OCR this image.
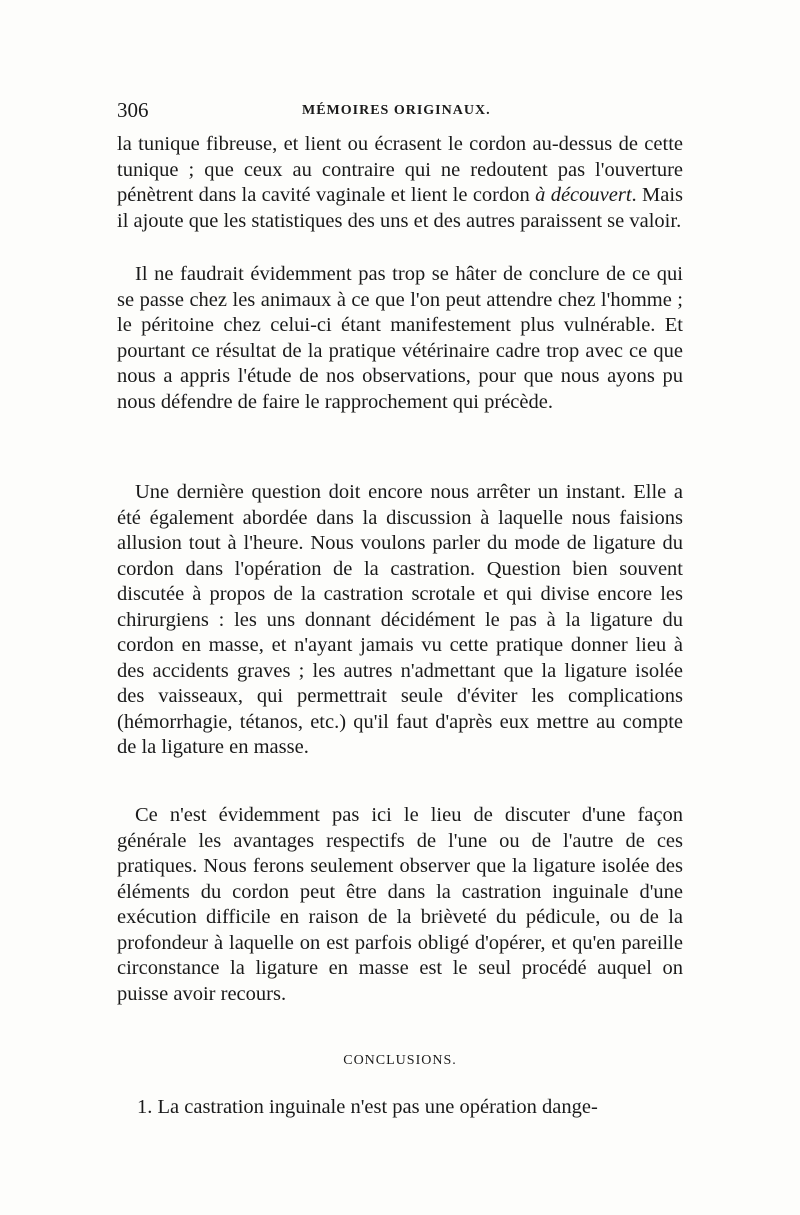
306	MÉMOIRES ORIGINAUX.

la tunique fibreuse, et lient ou écrasent le cordon au-dessus de cette tunique ; que ceux au contraire qui ne redoutent pas l'ouverture pénètrent dans la cavité vaginale et lient le cordon à découvert. Mais il ajoute que les statistiques des uns et des autres paraissent se valoir.

Il ne faudrait évidemment pas trop se hâter de conclure de ce qui se passe chez les animaux à ce que l'on peut attendre chez l'homme ; le péritoine chez celui-ci étant manifestement plus vulnérable. Et pourtant ce résultat de la pratique vétérinaire cadre trop avec ce que nous a appris l'étude de nos observations, pour que nous ayons pu nous défendre de faire le rapprochement qui précède.

Une dernière question doit encore nous arrêter un instant. Elle a été également abordée dans la discussion à laquelle nous faisions allusion tout à l'heure. Nous voulons parler du mode de ligature du cordon dans l'opération de la castration. Question bien souvent discutée à propos de la castration scrotale et qui divise encore les chirurgiens : les uns donnant décidément le pas à la ligature du cordon en masse, et n'ayant jamais vu cette pratique donner lieu à des accidents graves ; les autres n'admettant que la ligature isolée des vaisseaux, qui permettrait seule d'éviter les complications (hémorrhagie, tétanos, etc.) qu'il faut d'après eux mettre au compte de la ligature en masse.

Ce n'est évidemment pas ici le lieu de discuter d'une façon générale les avantages respectifs de l'une ou de l'autre de ces pratiques. Nous ferons seulement observer que la ligature isolée des éléments du cordon peut être dans la castration inguinale d'une exécution difficile en raison de la brièveté du pédicule, ou de la profondeur à laquelle on est parfois obligé d'opérer, et qu'en pareille circonstance la ligature en masse est le seul procédé auquel on puisse avoir recours.

CONCLUSIONS.

1. La castration inguinale n'est pas une opération dange-
